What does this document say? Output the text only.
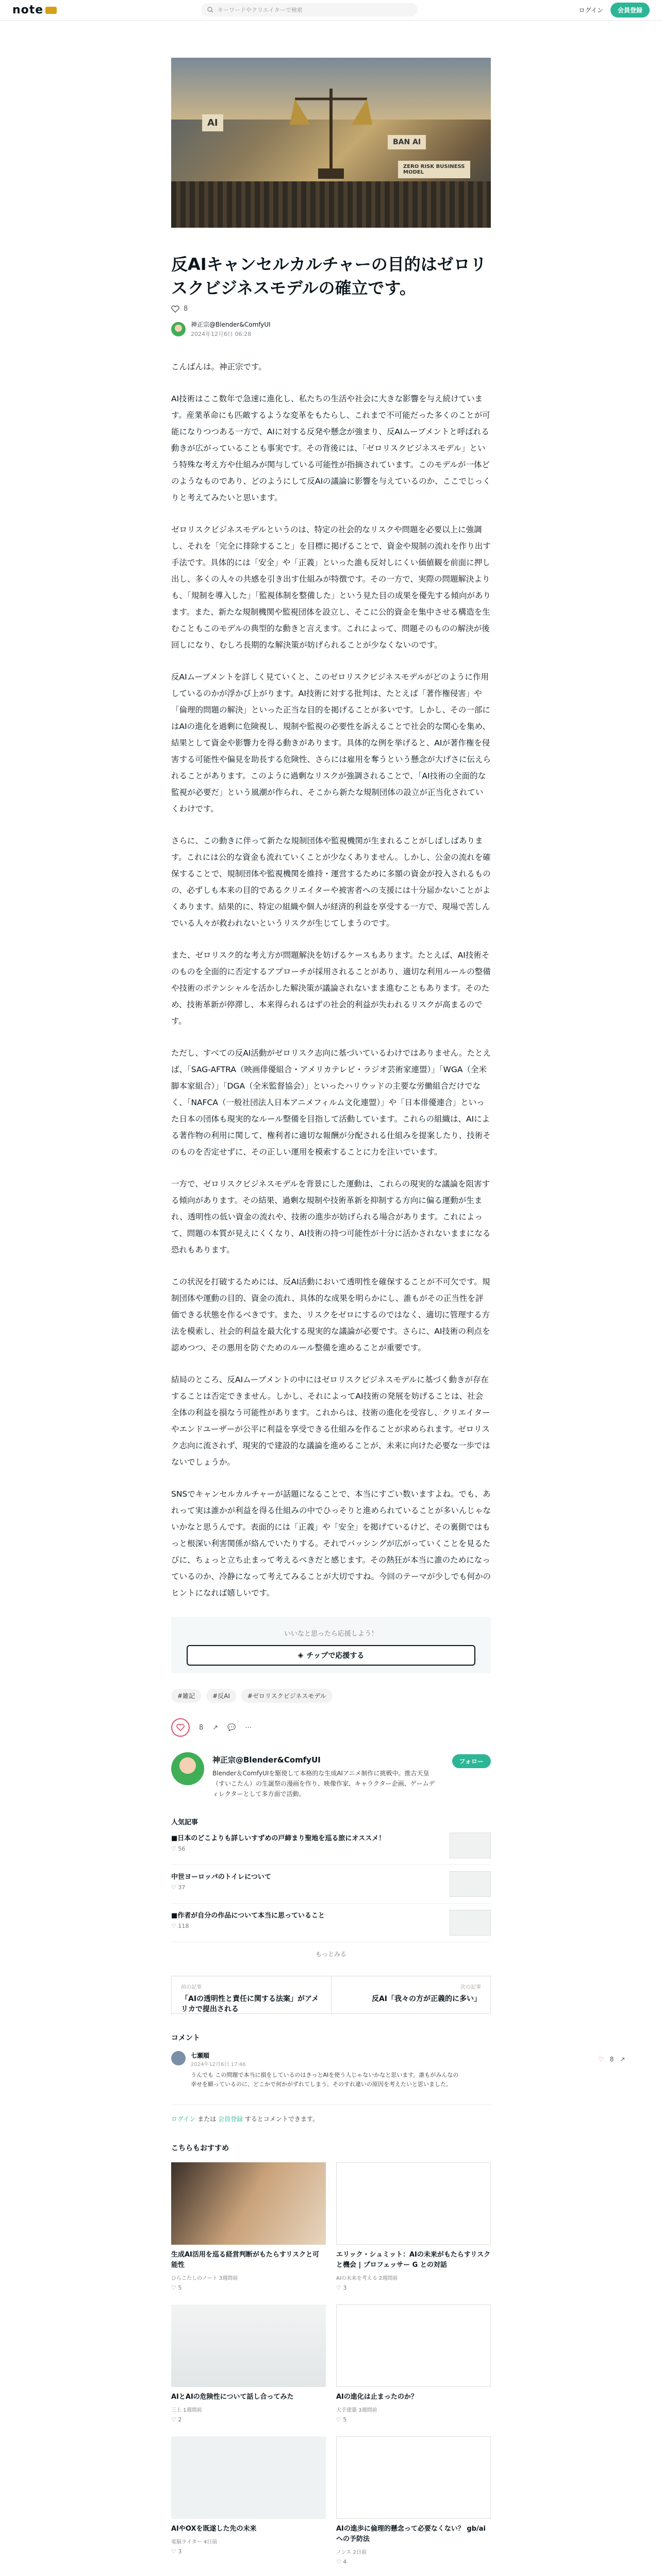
note	キーワードやクリエイターで検索	ログイン	会員登録
AI
BAN AI
ZERO RISK BUSINESS MODEL
反AIキャンセルカルチャーの目的はゼロリスクビジネスモデルの確立です。
8
神正宗@Blender&ComfyUI
2024年12月6日 06:28

こんばんは。神正宗です。

AI技術はここ数年で急速に進化し、私たちの生活や社会に大きな影響を与え続けています。産業革命にも匹敵するような変革をもたらし、これまで不可能だった多くのことが可能になりつつある一方で、AIに対する反発や懸念が強まり、反AIムーブメントと呼ばれる動きが広がっていることも事実です。その背後には、「ゼロリスクビジネスモデル」という特殊な考え方や仕組みが関与している可能性が指摘されています。このモデルが一体どのようなものであり、どのようにして反AIの議論に影響を与えているのか、ここでじっくりと考えてみたいと思います。

ゼロリスクビジネスモデルというのは、特定の社会的なリスクや問題を必要以上に強調し、それを「完全に排除すること」を目標に掲げることで、資金や規制の流れを作り出す手法です。具体的には「安全」や「正義」といった誰も反対しにくい価値観を前面に押し出し、多くの人々の共感を引き出す仕組みが特徴です。その一方で、実際の問題解決よりも、「規制を導入した」「監視体制を整備した」という見た目の成果を優先する傾向があります。また、新たな規制機関や監視団体を設立し、そこに公的資金を集中させる構造を生むこともこのモデルの典型的な動きと言えます。これによって、問題そのものの解決が後回しになり、むしろ長期的な解決策が妨げられることが少なくないのです。

反AIムーブメントを詳しく見ていくと、このゼロリスクビジネスモデルがどのように作用しているのかが浮かび上がります。AI技術に対する批判は、たとえば「著作権侵害」や「倫理的問題の解決」といった正当な目的を掲げることが多いです。しかし、その一部にはAIの進化を過剰に危険視し、規制や監視の必要性を訴えることで社会的な関心を集め、結果として資金や影響力を得る動きがあります。具体的な例を挙げると、AIが著作権を侵害する可能性や偏見を助長する危険性、さらには雇用を奪うという懸念が大げさに伝えられることがあります。このように過剰なリスクが強調されることで、「AI技術の全面的な監視が必要だ」という風潮が作られ、そこから新たな規制団体の設立が正当化されていくわけです。

さらに、この動きに伴って新たな規制団体や監視機関が生まれることがしばしばあります。これには公的な資金も流れていくことが少なくありません。しかし、公金の流れを確保することで、規制団体や監視機関を維持・運営するために多額の資金が投入されるものの、必ずしも本来の目的であるクリエイターや被害者への支援には十分届かないことがよくあります。結果的に、特定の組織や個人が経済的利益を享受する一方で、現場で苦しんでいる人々が救われないというリスクが生じてしまうのです。

また、ゼロリスク的な考え方が問題解決を妨げるケースもあります。たとえば、AI技術そのものを全面的に否定するアプローチが採用されることがあり、適切な利用ルールの整備や技術のポテンシャルを活かした解決策が議論されないまま進むこともあります。そのため、技術革新が停滞し、本来得られるはずの社会的利益が失われるリスクが高まるのです。

ただし、すべての反AI活動がゼロリスク志向に基づいているわけではありません。たとえば、「SAG-AFTRA（映画俳優組合・アメリカテレビ・ラジオ芸術家連盟）」「WGA（全米脚本家組合）」「DGA（全米監督協会）」といったハリウッドの主要な労働組合だけでなく、「NAFCA（一般社団法人日本アニメフィルム文化連盟）」や「日本俳優連合」といった日本の団体も現実的なルール整備を目指して活動しています。これらの組織は、AIによる著作物の利用に関して、権利者に適切な報酬が分配される仕組みを提案したり、技術そのものを否定せずに、その正しい運用を模索することに力を注いでいます。

一方で、ゼロリスクビジネスモデルを背景にした運動は、これらの現実的な議論を阻害する傾向があります。その結果、過剰な規制や技術革新を抑制する方向に偏る運動が生まれ、透明性の低い資金の流れや、技術の進歩が妨げられる場合があります。これによって、問題の本質が見えにくくなり、AI技術の持つ可能性が十分に活かされないままになる恐れもあります。

この状況を打破するためには、反AI活動において透明性を確保することが不可欠です。規制団体や運動の目的、資金の流れ、具体的な成果を明らかにし、誰もがその正当性を評価できる状態を作るべきです。また、リスクをゼロにするのではなく、適切に管理する方法を模索し、社会的利益を最大化する現実的な議論が必要です。さらに、AI技術の利点を認めつつ、その悪用を防ぐためのルール整備を進めることが重要です。

結局のところ、反AIムーブメントの中にはゼロリスクビジネスモデルに基づく動きが存在することは否定できません。しかし、それによってAI技術の発展を妨げることは、社会全体の利益を損なう可能性があります。これからは、技術の進化を受容し、クリエイターやエンドユーザーが公平に利益を享受できる仕組みを作ることが求められます。ゼロリスク志向に流されず、現実的で建設的な議論を進めることが、未来に向けた必要な一歩ではないでしょうか。

SNSでキャンセルカルチャーが話題になることで、本当にすごい数いますよね。でも、あれって実は誰かが利益を得る仕組みの中でひっそりと進められていることが多いんじゃないかなと思うんです。表面的には「正義」や「安全」を掲げているけど、その裏側ではもっと根深い利害関係が絡んでいたりする。それでバッシングが広がっていくことを見るたびに、ちょっと立ち止まって考えるべきだと感じます。その熱狂が本当に誰のためになっているのか、冷静になって考えてみることが大切ですね。今回のテーマが少しでも何かのヒントになれば嬉しいです。

いいなと思ったら応援しよう！
◈ チップで応援する
#雑記	#反AI	#ゼロリスクビジネスモデル
8 ↗ 💬 ⋯
神正宗@Blender&ComfyUI
Blender＆ComfyUIを駆使して本格的な生成AIアニメ制作に挑戦中。推古天皇（すいこたん）の生誕祭の漫画を作り、映像作家、キャラクター企画、ゲームディレクターとして多方面で活動。
フォロー
人気記事
■日本のどこよりも詳しいすずめの戸締まり聖地を巡る旅にオススメ！
♡ 56
中世ヨーロッパのトイレについて
♡ 37
■作者が自分の作品について本当に思っていること
♡ 118
もっとみる
前の記事
「AIの透明性と責任に関する法案」がアメリカで提出される
次の記事
反AI「我々の方が正義的に多い」
コメント
七瀬順
2024年12月6日 17:46
うんでも この問題で本当に損をしているのはきっとAIを使う人じゃないかなと思います。誰もがみんなの幸せを願っているのに、どこかで何かがずれてしまう。そのすれ違いの原因を考えたいと思いました。
ログイン または 会員登録 するとコメントできます。
こちらもおすすめ
生成AI活用を巡る経営判断がもたらすリスクと可能性
ひらこたしのノート 3週間前
♡ 5
エリック・シュミット：AIの未来がもたらすリスクと機会 | プロフェッサー G との対話
AIの未来を考える 2週間前
♡ 3
AIとAIの危険性について話し合ってみた
三上 1週間前
♡ 2
AIの進化は止まったのか？
大手建築 3週間前
♡ 5
AIやOXを既遂した先の未来
電脳ライター 4日前
♡ 3
AIの進歩に倫理的懸念って必要なくない？ gb/aiへの予防法
ノンス 2日前
♡ 4
♡ 8 ↗
